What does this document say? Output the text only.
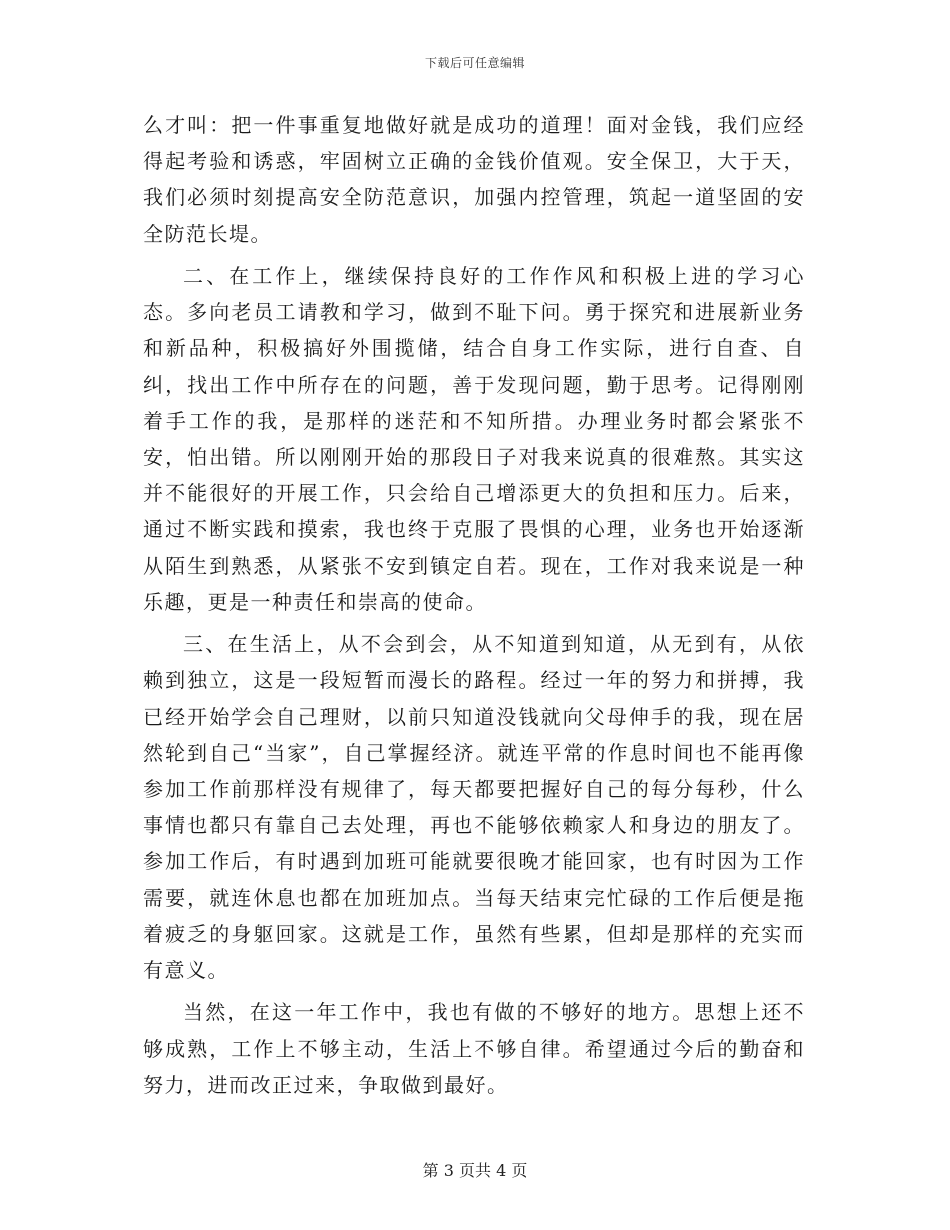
下载后可任意编辑

么才叫：把一件事重复地做好就是成功的道理！面对金钱，我们应经得起考验和诱惑，牢固树立正确的金钱价值观。安全保卫，大于天，我们必须时刻提高安全防范意识，加强内控管理，筑起一道坚固的安全防范长堤。

二、在工作上，继续保持良好的工作作风和积极上进的学习心态。多向老员工请教和学习，做到不耻下问。勇于探究和进展新业务和新品种，积极搞好外围揽储，结合自身工作实际，进行自查、自纠，找出工作中所存在的问题，善于发现问题，勤于思考。记得刚刚着手工作的我，是那样的迷茫和不知所措。办理业务时都会紧张不安，怕出错。所以刚刚开始的那段日子对我来说真的很难熬。其实这并不能很好的开展工作，只会给自己增添更大的负担和压力。后来，通过不断实践和摸索，我也终于克服了畏惧的心理，业务也开始逐渐从陌生到熟悉，从紧张不安到镇定自若。现在，工作对我来说是一种乐趣，更是一种责任和崇高的使命。

三、在生活上，从不会到会，从不知道到知道，从无到有，从依赖到独立，这是一段短暂而漫长的路程。经过一年的努力和拼搏，我已经开始学会自己理财，以前只知道没钱就向父母伸手的我，现在居然轮到自己“当家”，自己掌握经济。就连平常的作息时间也不能再像参加工作前那样没有规律了，每天都要把握好自己的每分每秒，什么事情也都只有靠自己去处理，再也不能够依赖家人和身边的朋友了。参加工作后，有时遇到加班可能就要很晚才能回家，也有时因为工作需要，就连休息也都在加班加点。当每天结束完忙碌的工作后便是拖着疲乏的身躯回家。这就是工作，虽然有些累，但却是那样的充实而有意义。

当然，在这一年工作中，我也有做的不够好的地方。思想上还不够成熟，工作上不够主动，生活上不够自律。希望通过今后的勤奋和努力，进而改正过来，争取做到最好。

第 3 页共 4 页
